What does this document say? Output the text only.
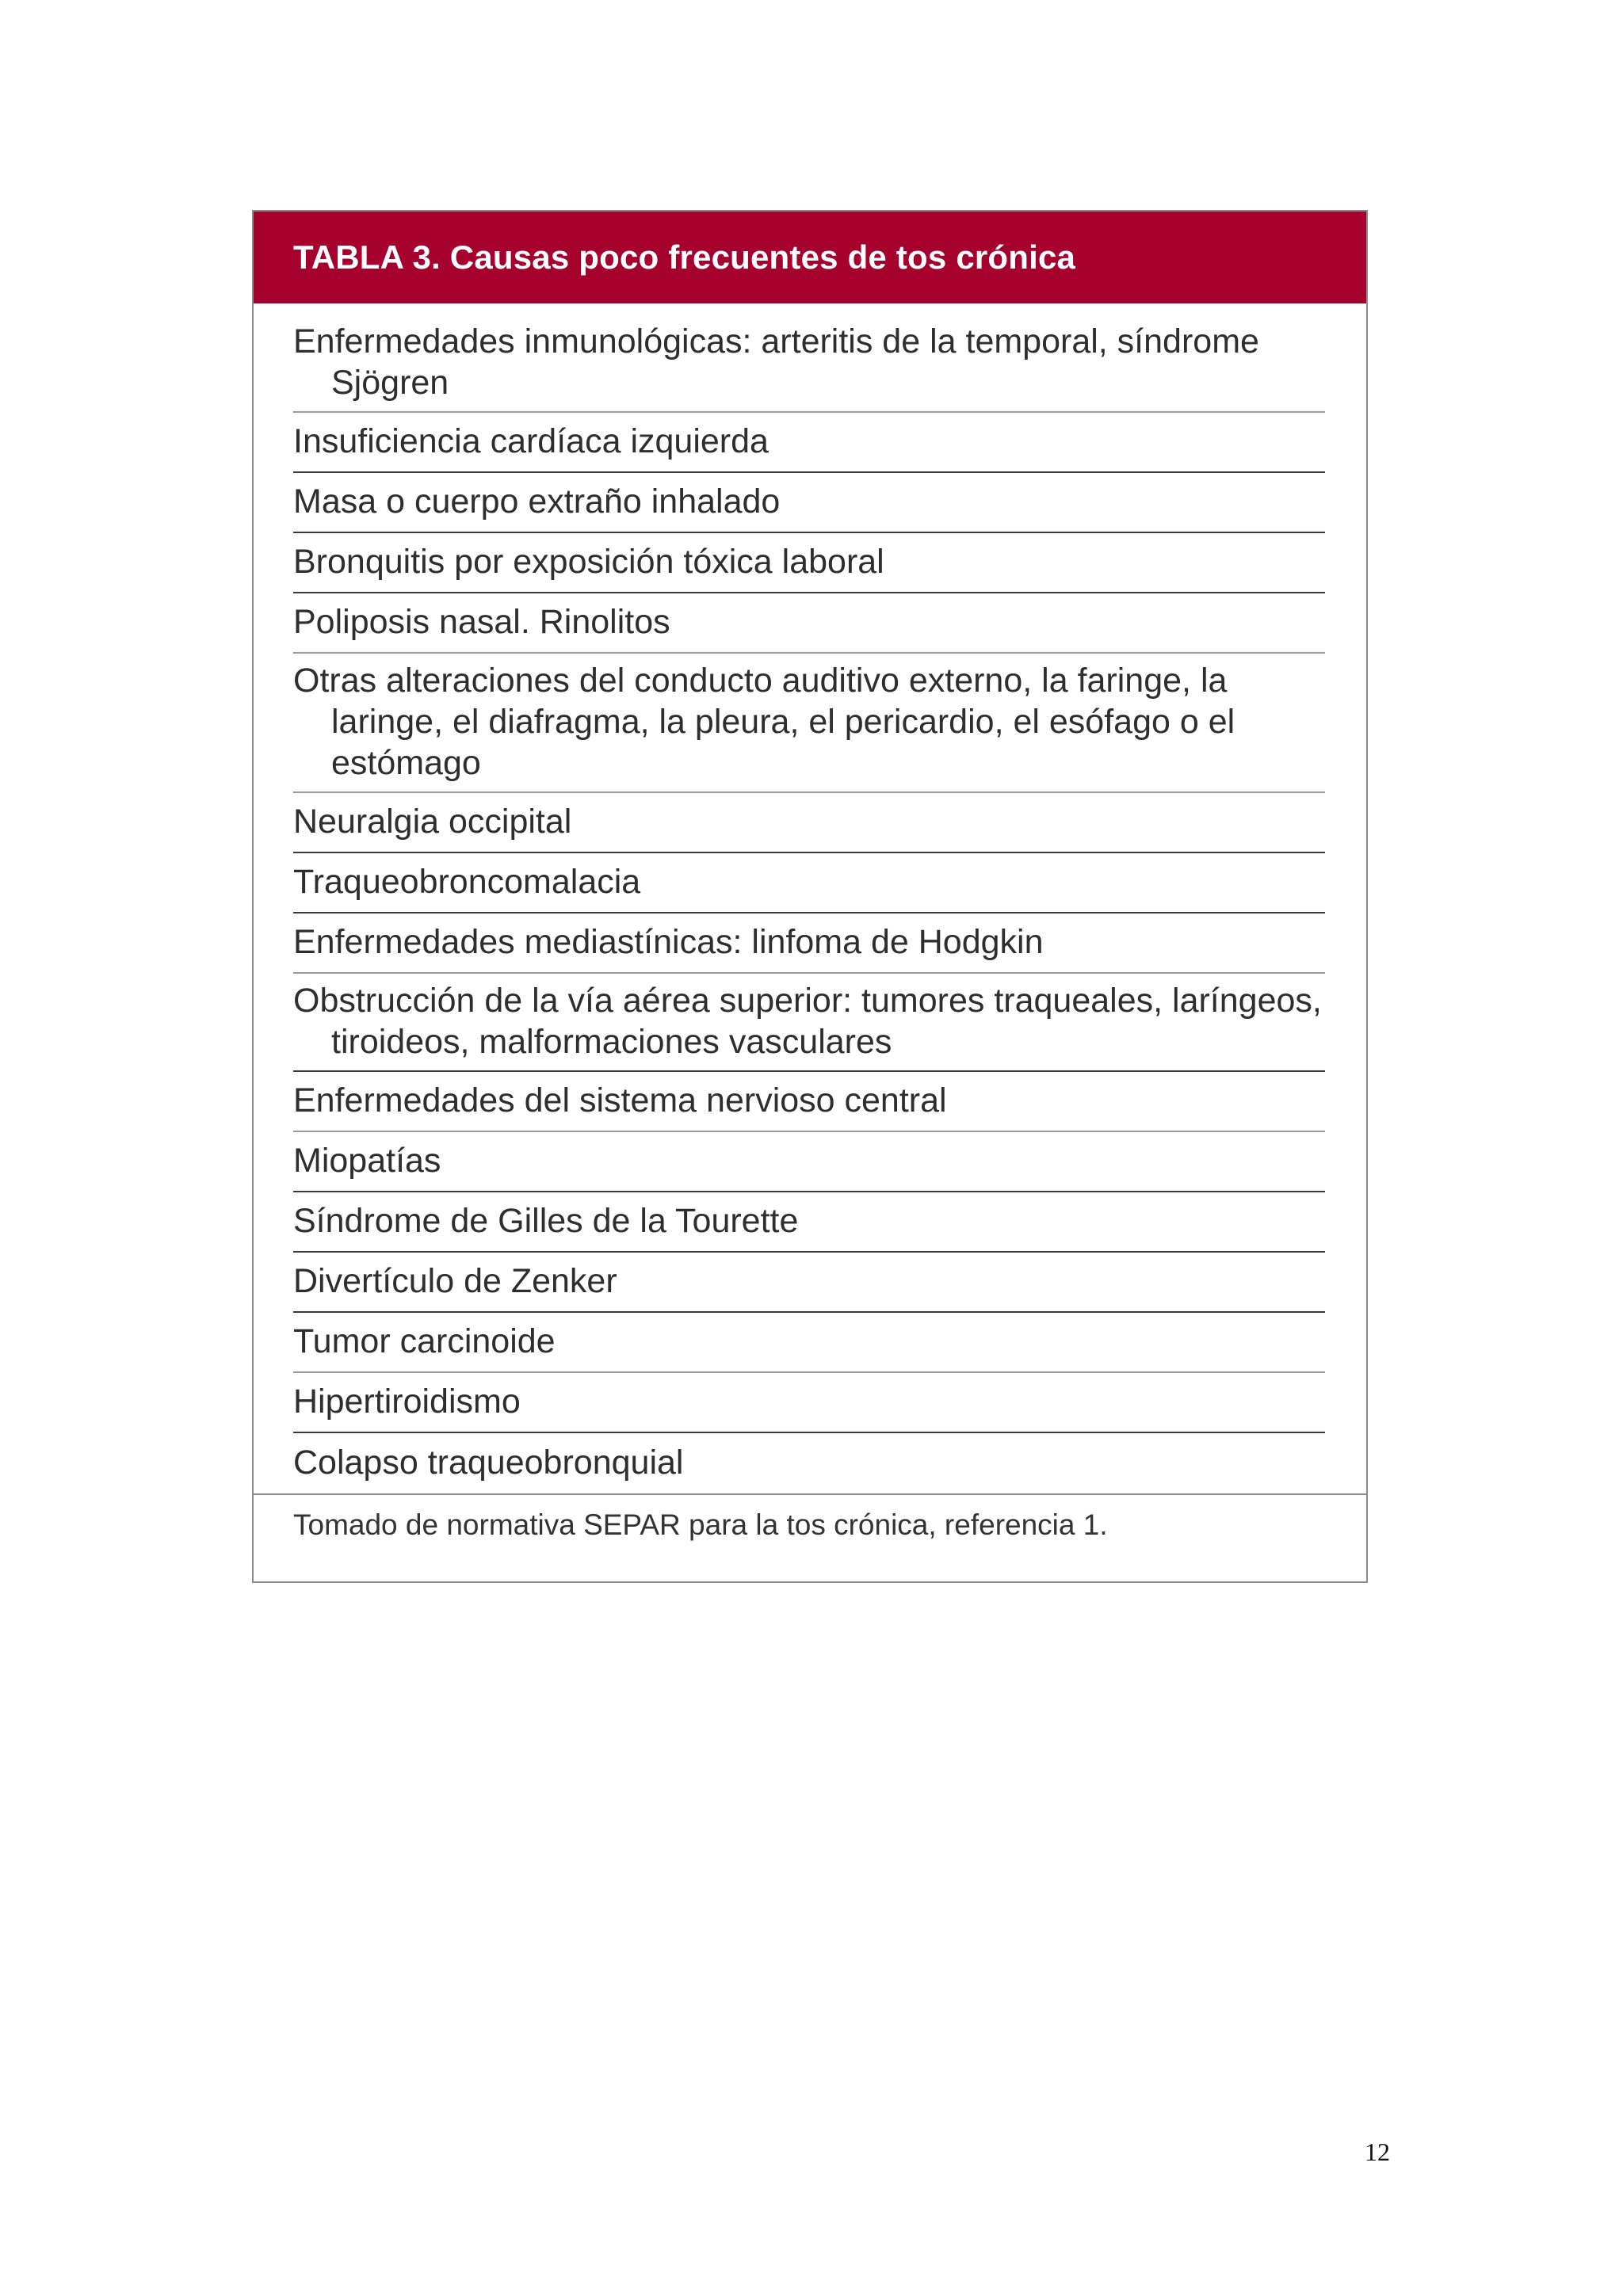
TABLA 3. Causas poco frecuentes de tos crónica
Enfermedades inmunológicas: arteritis de la temporal, síndrome Sjögren
Insuficiencia cardíaca izquierda
Masa o cuerpo extraño inhalado
Bronquitis por exposición tóxica laboral
Poliposis nasal. Rinolitos
Otras alteraciones del conducto auditivo externo, la faringe, la laringe, el diafragma, la pleura, el pericardio, el esófago o el estómago
Neuralgia occipital
Traqueobroncomalacia
Enfermedades mediastínicas: linfoma de Hodgkin
Obstrucción de la vía aérea superior: tumores traqueales, laríngeos, tiroideos, malformaciones vasculares
Enfermedades del sistema nervioso central
Miopatías
Síndrome de Gilles de la Tourette
Divertículo de Zenker
Tumor carcinoide
Hipertiroidismo
Colapso traqueobronquial
Tomado de normativa SEPAR para la tos crónica, referencia 1.
12
